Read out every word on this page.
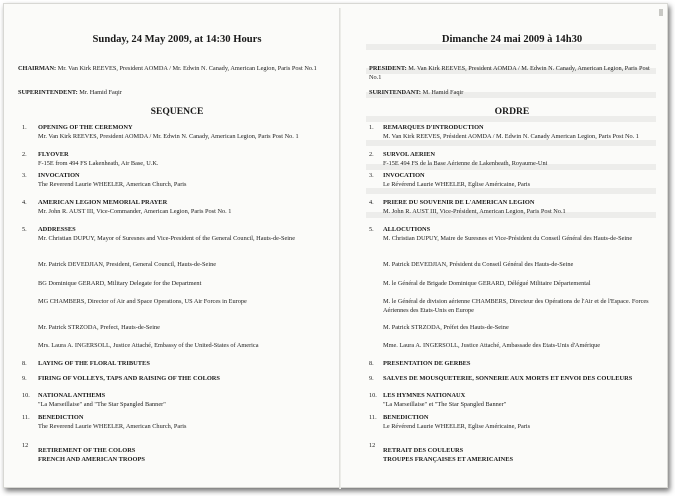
Sunday, 24 May 2009, at 14:30 Hours
CHAIRMAN: Mr. Van Kirk REEVES, President AOMDA / Mr. Edwin N. Canady, American Legion, Paris Post No.1
SUPERINTENDENT: Mr. Hamid Faqir
SEQUENCE
1. OPENING OF THE CEREMONY
Mr. Van Kirk REEVES, President AOMDA / Mr. Edwin N. Canady, American Legion, Paris Post No. 1
2. FLYOVER
F-15E from 494 FS Lakenheath, Air Base, U.K.
3. INVOCATION
The Reverend Laurie WHEELER, American Church, Paris
4. AMERICAN LEGION MEMORIAL PRAYER
Mr. John R. AUST III, Vice-Commander, American Legion, Paris Post No. 1
5. ADDRESSES
Mr. Christian DUPUY, Mayor of Suresnes and Vice-President of the General Council, Hauts-de-Seine
Mr. Patrick DEVEDJIAN, President, General Council, Hauts-de-Seine
BG Dominique GERARD, Military Delegate for the Department
MG CHAMBERS, Director of Air and Space Operations, US Air Forces in Europe
Mr. Patrick STRZODA, Prefect, Hauts-de-Seine
Mrs. Laura A. INGERSOLL, Justice Attaché, Embassy of the United-States of America
8. LAYING OF THE FLORAL TRIBUTES
9. FIRING OF VOLLEYS, TAPS AND RAISING OF THE COLORS
10. NATIONAL ANTHEMS
"La Marseillaise" and "The Star Spangled Banner"
11. BENEDICTION
The Reverend Laurie WHEELER, American Church, Paris
12
RETIREMENT OF THE COLORS
FRENCH AND AMERICAN TROOPS
Dimanche 24 mai 2009 à 14h30
PRESIDENT: M. Van Kirk REEVES, President AOMDA / M. Edwin N. Canady, American Legion, Paris Post No.1
SURINTENDANT: M. Hamid Faqir
ORDRE
1. REMARQUES D'INTRODUCTION
M. Van Kirk REEVES, Président AOMDA / M. Edwin N. Canady American Legion, Paris Post No. 1
2. SURVOL AERIEN
F-15E 494 FS de la Base Aérienne de Lakenheath, Royaume-Uni
3. INVOCATION
Le Révérend Laurie WHEELER, Eglise Américaine, Paris
4. PRIERE DU SOUVENIR DE L'AMERICAN LEGION
M. John R. AUST III, Vice-Président, American Legion, Paris Post No.1
5. ALLOCUTIONS
M. Christian DUPUY, Maire de Suresnes et Vice-Président du Conseil Général des Hauts-de-Seine
M. Patrick DEVEDJIAN, Président du Conseil Général des Hauts-de-Seine
M. le Général de Brigade Dominique GERARD, Délégué Militaire Départemental
M. le Général de division aérienne CHAMBERS, Directeur des Opérations de l'Air et de l'Espace. Forces Aériennes des Etats-Unis en Europe
M. Patrick STRZODA, Préfet des Hauts-de-Seine
Mme. Laura A. INGERSOLL, Justice Attaché, Ambassade des Etats-Unis d'Amérique
8. PRESENTATION DE GERBES
9. SALVES DE MOUSQUETERIE, SONNERIE AUX MORTS ET ENVOI DES COULEURS
10. LES HYMNES NATIONAUX
"La Marseillaise" et "The Star Spangled Banner"
11. BENEDICTION
Le Révérend Laurie WHEELER, Eglise Américaine, Paris
12
RETRAIT DES COULEURS
TROUPES FRANÇAISES ET AMERICAINES
